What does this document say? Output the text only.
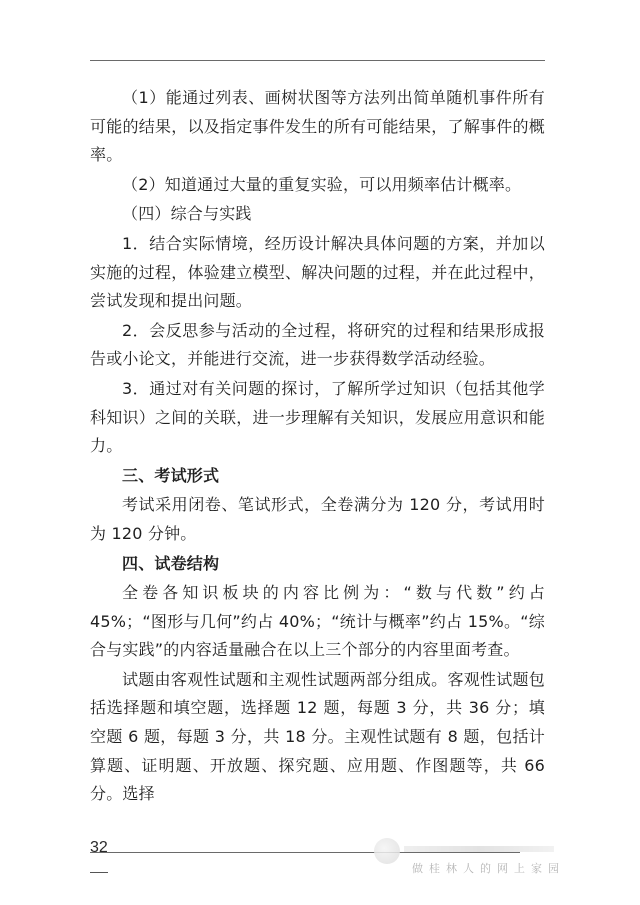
（1）能通过列表、画树状图等方法列出简单随机事件所有可能的结果，以及指定事件发生的所有可能结果，了解事件的概率。

（2）知道通过大量的重复实验，可以用频率估计概率。

（四）综合与实践

1．结合实际情境，经历设计解决具体问题的方案，并加以实施的过程，体验建立模型、解决问题的过程，并在此过程中，尝试发现和提出问题。

2．会反思参与活动的全过程，将研究的过程和结果形成报告或小论文，并能进行交流，进一步获得数学活动经验。

3．通过对有关问题的探讨，了解所学过知识（包括其他学科知识）之间的关联，进一步理解有关知识，发展应用意识和能力。

三、考试形式

考试采用闭卷、笔试形式，全卷满分为 120 分，考试用时为 120 分钟。

四、试卷结构

全卷各知识板块的内容比例为：“数与代数”约占 45%；“图形与几何”约占 40%；“统计与概率”约占 15%。“综合与实践”的内容适量融合在以上三个部分的内容里面考查。

试题由客观性试题和主观性试题两部分组成。客观性试题包括选择题和填空题，选择题 12 题，每题 3 分，共 36 分；填空题 6 题，每题 3 分，共 18 分。主观性试题有 8 题，包括计算题、证明题、开放题、探究题、应用题、作图题等，共 66 分。选择

32
做桂林人的网上家园
